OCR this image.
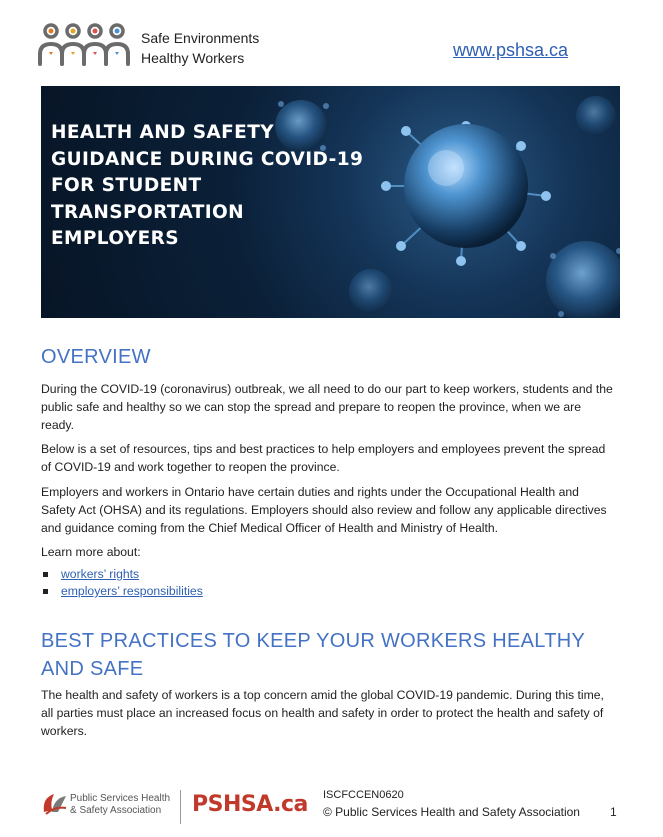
Safe Environments
Healthy Workers	www.pshsa.ca
HEALTH AND SAFETY
GUIDANCE DURING COVID-19
FOR STUDENT
TRANSPORTATION
EMPLOYERS
OVERVIEW

During the COVID-19 (coronavirus) outbreak, we all need to do our part to keep workers, students and the public safe and healthy so we can stop the spread and prepare to reopen the province, when we are ready.

Below is a set of resources, tips and best practices to help employers and employees prevent the spread of COVID-19 and work together to reopen the province.

Employers and workers in Ontario have certain duties and rights under the Occupational Health and Safety Act (OHSA) and its regulations. Employers should also review and follow any applicable directives and guidance coming from the Chief Medical Officer of Health and Ministry of Health.

Learn more about:

workers’ rights
employers’ responsibilities
BEST PRACTICES TO KEEP YOUR WORKERS HEALTHY
AND SAFE

The health and safety of workers is a top concern amid the global COVID-19 pandemic. During this time, all parties must place an increased focus on health and safety in order to protect the health and safety of workers.

Public Services Health
& Safety Association	PSHSA.ca ISCFCCEN0620
© Public Services Health and Safety Association	1
